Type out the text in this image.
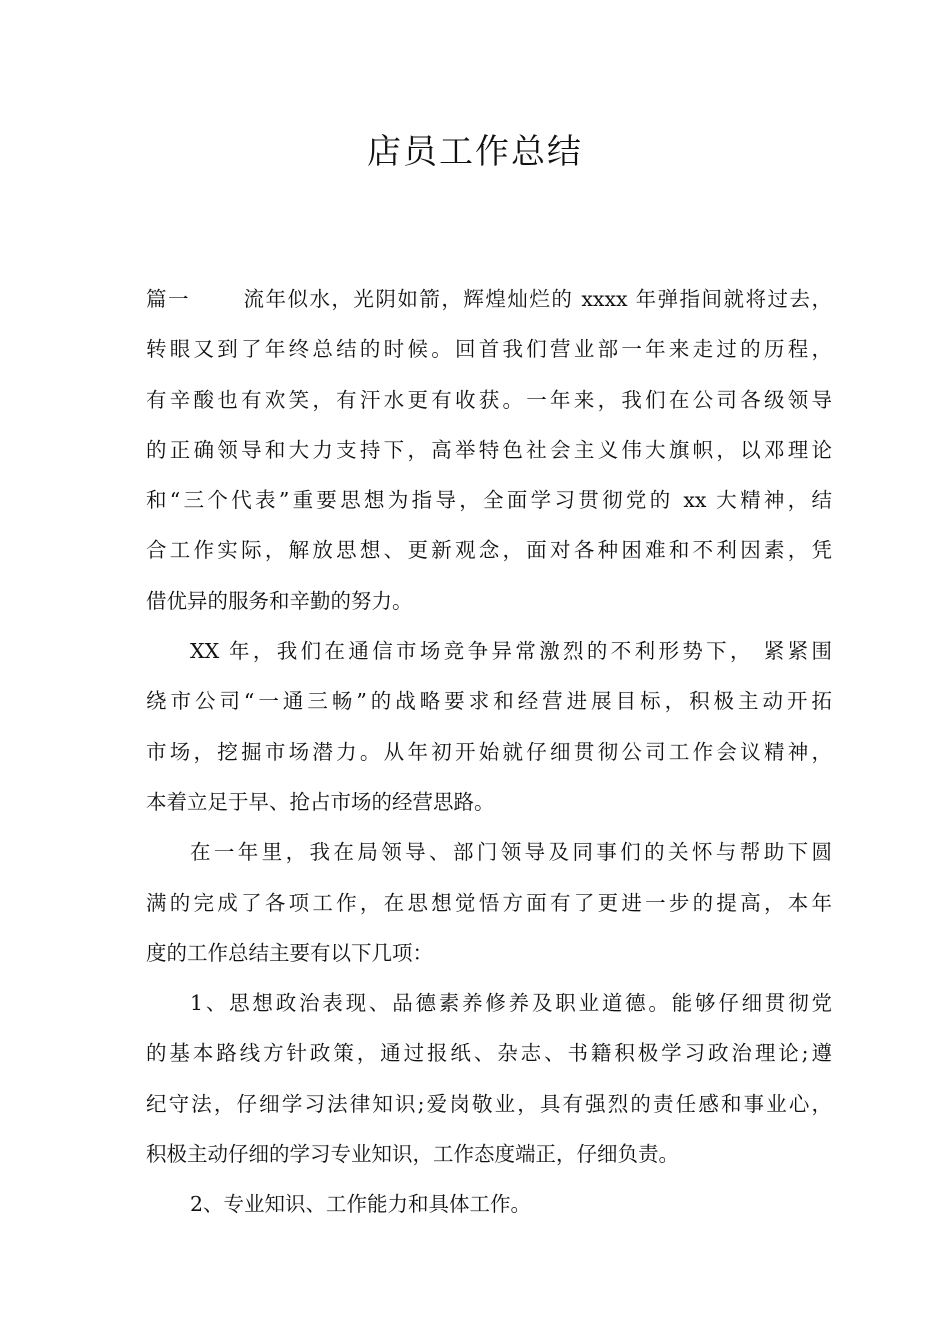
店员工作总结
篇一	流年似水，光阴如箭，辉煌灿烂的 xxxx 年弹指间就将过去，
转眼又到了年终总结的时候。回首我们营业部一年来走过的历程，
有辛酸也有欢笑，有汗水更有收获。一年来，我们在公司各级领导
的正确领导和大力支持下，高举特色社会主义伟大旗帜，以邓理论
和“三个代表”重要思想为指导，全面学习贯彻党的 xx 大精神，结
合工作实际，解放思想、更新观念，面对各种困难和不利因素，凭
借优异的服务和辛勤的努力。
XX 年，我们在通信市场竞争异常激烈的不利形势下， 紧紧围
绕市公司“一通三畅”的战略要求和经营进展目标，积极主动开拓
市场，挖掘市场潜力。从年初开始就仔细贯彻公司工作会议精神，
本着立足于早、抢占市场的经营思路。
在一年里，我在局领导、部门领导及同事们的关怀与帮助下圆
满的完成了各项工作，在思想觉悟方面有了更进一步的提高，本年
度的工作总结主要有以下几项：
1、思想政治表现、品德素养修养及职业道德。能够仔细贯彻党
的基本路线方针政策，通过报纸、杂志、书籍积极学习政治理论;遵
纪守法，仔细学习法律知识;爱岗敬业，具有强烈的责任感和事业心，
积极主动仔细的学习专业知识，工作态度端正，仔细负责。
2、专业知识、工作能力和具体工作。
